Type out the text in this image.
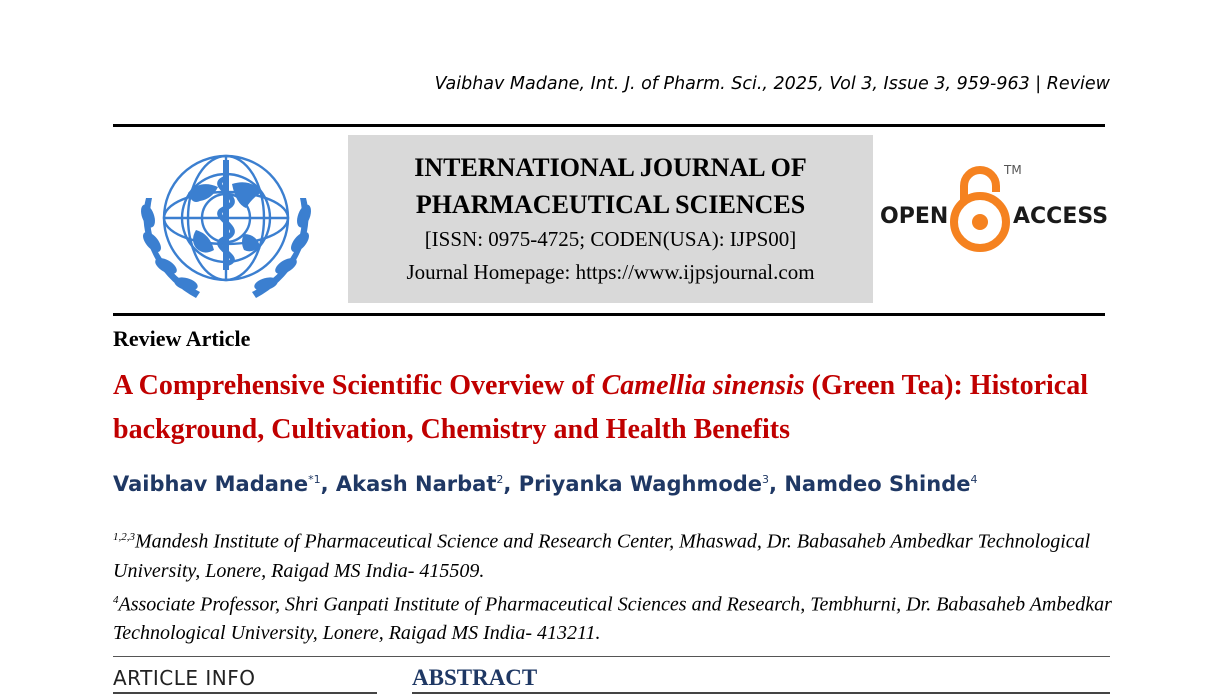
Vaibhav Madane, Int. J. of Pharm. Sci., 2025, Vol 3, Issue 3, 959-963 | Review
INTERNATIONAL JOURNAL OF
PHARMACEUTICAL SCIENCES
[ISSN: 0975-4725; CODEN(USA): IJPS00]
Journal Homepage: https://www.ijpsjournal.com
OPEN
TM
ACCESS
Review Article
A Comprehensive Scientific Overview of Camellia sinensis (Green Tea): Historical background, Cultivation, Chemistry and Health Benefits
Vaibhav Madane$^{*1}$, Akash Narbat$^2$, Priyanka Waghmode$^3$, Namdeo Shinde$^4$
$^{1,2,3}$Mandesh Institute of Pharmaceutical Science and Research Center, Mhaswad, Dr. Babasaheb Ambedkar Technological University, Lonere, Raigad MS India- 415509.
$^4$Associate Professor, Shri Ganpati Institute of Pharmaceutical Sciences and Research, Tembhurni, Dr. Babasaheb Ambedkar Technological University, Lonere, Raigad MS India- 413211.
ARTICLE INFO	ABSTRACT
